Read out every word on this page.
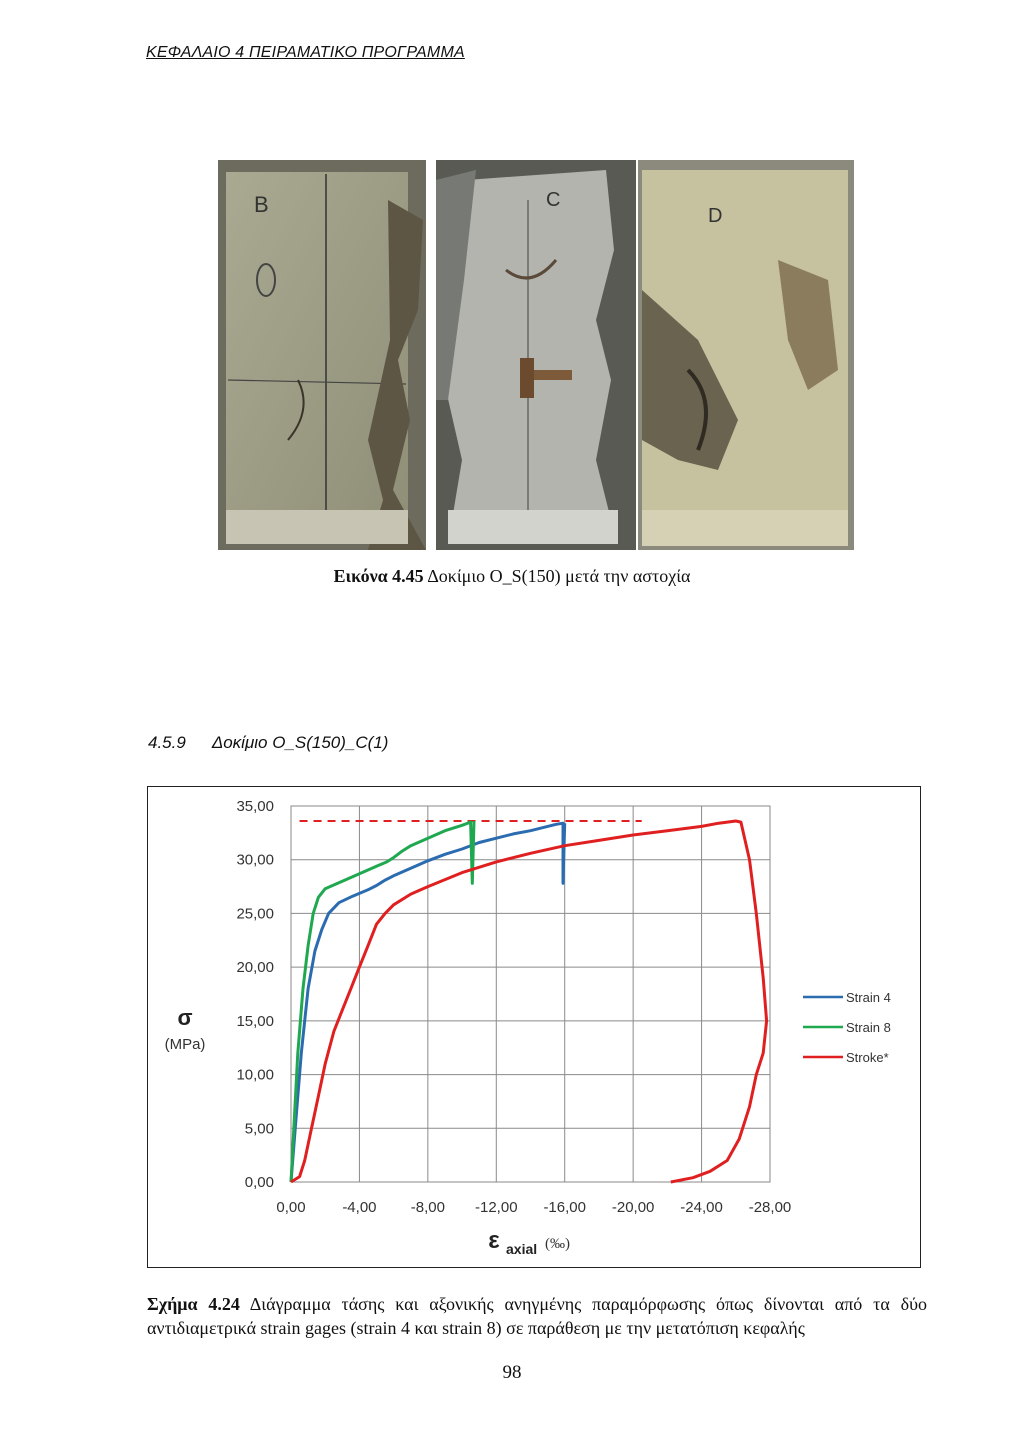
ΚΕΦΑΛΑΙΟ 4 ΠΕΙΡΑΜΑΤΙΚΟ ΠΡΟΓΡΑΜΜΑ
B	C
D
Εικόνα 4.45 Δοκίμιο O_S(150) μετά την αστοχία
4.5.9 Δοκίμιο O_S(150)_C(1)
0,00 -4,00 -8,00 -12,00 -16,00 -20,00 -24,00 -28,00
0,00
5,00
10,00
15,00
20,00
25,00
30,00
35,00
Strain 4
Strain 8
Stroke*
σ
(MPa)
ε axial (‰)
Σχήμα 4.24 Διάγραμμα τάσης και αξονικής ανηγμένης παραμόρφωσης όπως δίνονται από τα δύο
αντιδιαμετρικά strain gages (strain 4 και strain 8) σε παράθεση με την μετατόπιση κεφαλής
98
